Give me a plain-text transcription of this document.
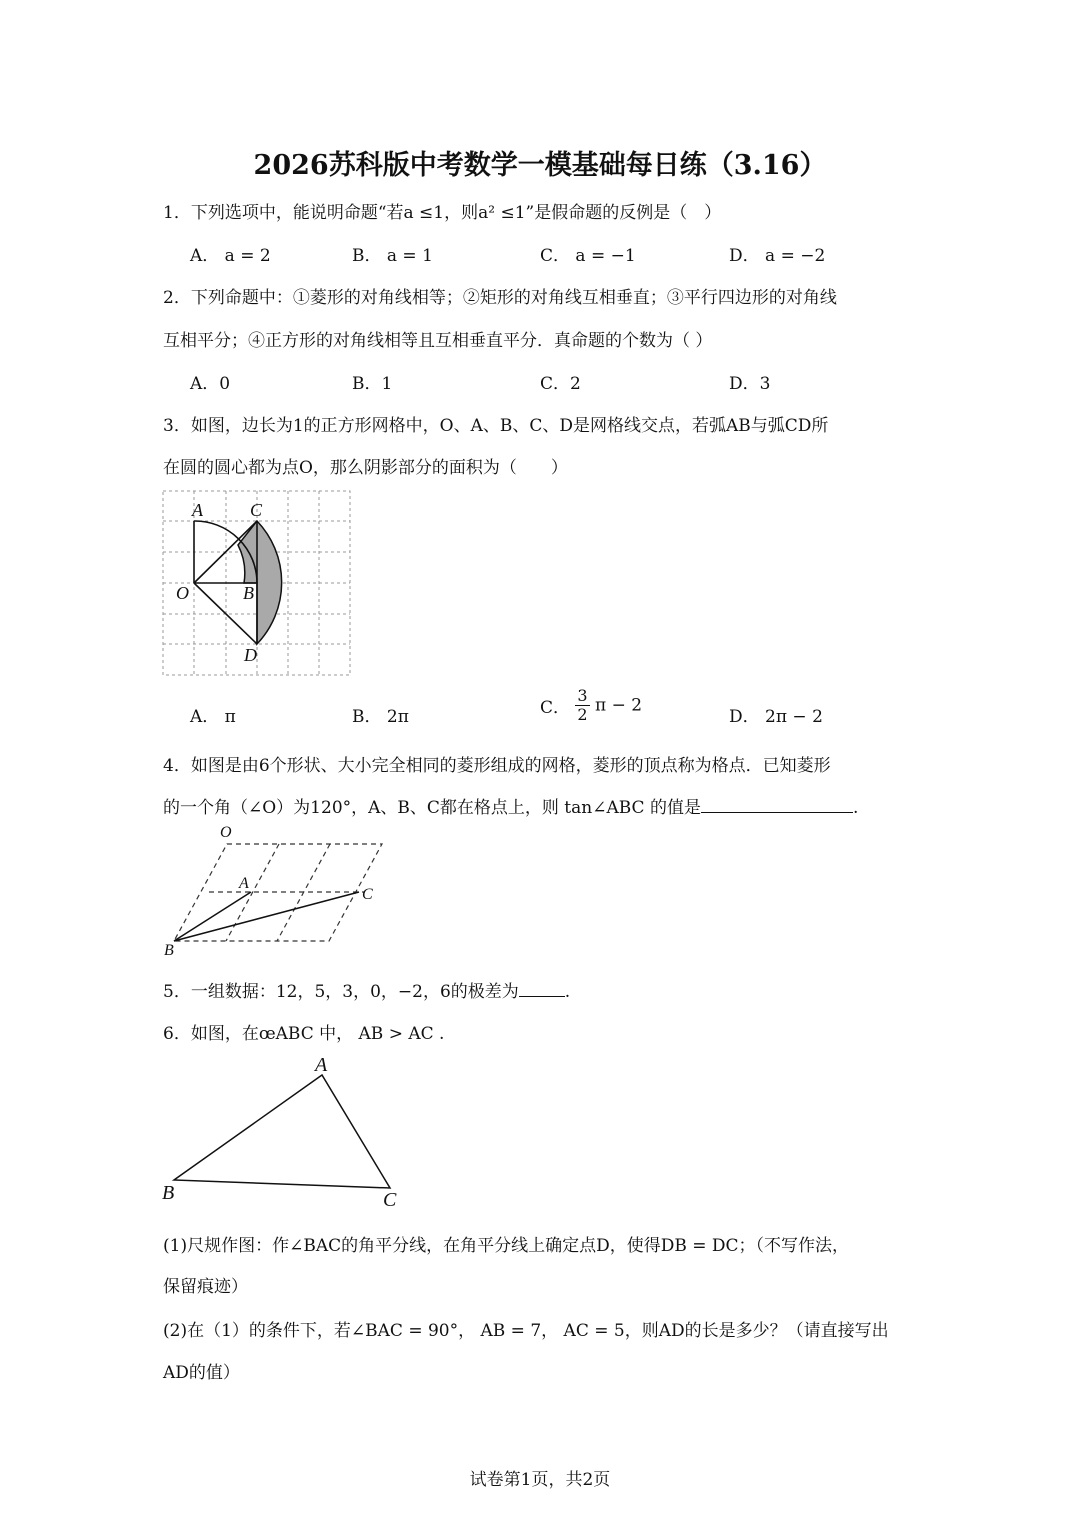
2026苏科版中考数学一模基础每日练（3.16）
1．下列选项中，能说明命题“若a ≤1，则a² ≤1”是假命题的反例是（　）
A． a = 2	B． a = 1	C． a = −1	D． a = −2
2．下列命题中：①菱形的对角线相等；②矩形的对角线互相垂直；③平行四边形的对角线
互相平分；④正方形的对角线相等且互相垂直平分．真命题的个数为（ ）
A．0	B．1	C．2	D．3
3．如图，边长为1的正方形网格中，O、A、B、C、D是网格线交点，若弧AB与弧CD所
在圆的圆心都为点O，那么阴影部分的面积为（　　）
A	C
O	B
D
A． π	B． 2π	C． $\frac{3}{2}$ π − 2
D． 2π − 2
4．如图是由6个形状、大小完全相同的菱形组成的网格，菱形的顶点称为格点．已知菱形
的一个角（∠O）为120°，A、B、C都在格点上，则 tan∠ABC 的值是	.
O
A
C
B
5．一组数据：12，5，3，0，−2，6的极差为	.
6．如图，在œABC 中， AB > AC .
A
B	C
(1)尺规作图：作∠BAC的角平分线，在角平分线上确定点D，使得DB = DC；（不写作法，
保留痕迹）
(2)在（1）的条件下，若∠BAC = 90°， AB = 7， AC = 5，则AD的长是多少？（请直接写出
AD的值）
试卷第1页，共2页
